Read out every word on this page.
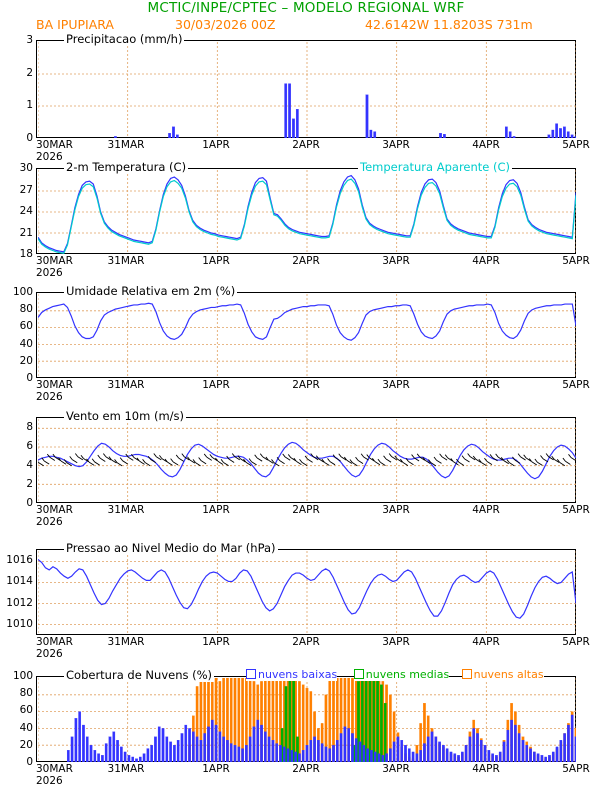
MCTIC/INPE/CPTEC – MODELO REGIONAL WRF
BA IPUPIARA	30/03/2026 00Z
0
1
2
3	Precipitacao (mm/h)
30MAR	31MAR	1APR	2APR	3APR	4APR	5APR
2026
18
21
24
27
30	2-m Temperatura (C)	Temperatura Aparente (C)
30MAR	31MAR	1APR	2APR	3APR	4APR	5APR
2026
0
20
40
60
80
100	Umidade Relativa em 2m (%)
30MAR	31MAR	1APR	2APR	3APR	4APR	5APR
2026
0
2
4
6
8
Vento em 10m (m/s)
30MAR	31MAR	1APR	2APR	3APR	4APR	5APR
2026
1010
1012
1014
1016
Pressao ao Nivel Medio do Mar (hPa)
30MAR	31MAR	1APR	2APR	3APR	4APR	5APR
2026
0
20
40
60
80
100	Cobertura de Nuvens (%)	nuvens baixas	nuvens medias	nuvens altas
30MAR	31MAR	1APR	2APR	3APR	4APR	5APR
2026
42.6142W 11.8203S 731m
